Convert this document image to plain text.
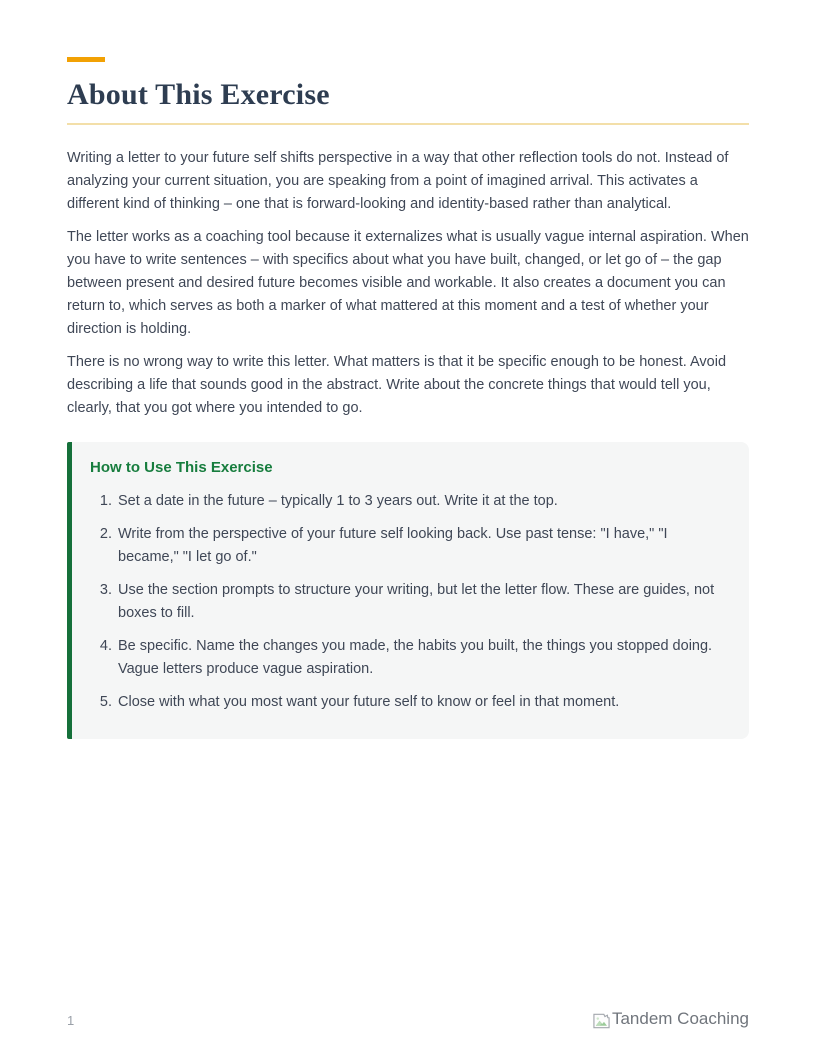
About This Exercise

Writing a letter to your future self shifts perspective in a way that other reflection tools do not. Instead of analyzing your current situation, you are speaking from a point of imagined arrival. This activates a different kind of thinking – one that is forward-looking and identity-based rather than analytical.

The letter works as a coaching tool because it externalizes what is usually vague internal aspiration. When you have to write sentences – with specifics about what you have built, changed, or let go of – the gap between present and desired future becomes visible and workable. It also creates a document you can return to, which serves as both a marker of what mattered at this moment and a test of whether your direction is holding.

There is no wrong way to write this letter. What matters is that it be specific enough to be honest. Avoid describing a life that sounds good in the abstract. Write about the concrete things that would tell you, clearly, that you got where you intended to go.

How to Use This Exercise
1. Set a date in the future – typically 1 to 3 years out. Write it at the top.
2. Write from the perspective of your future self looking back. Use past tense: "I have," "I became," "I let go of."
3. Use the section prompts to structure your writing, but let the letter flow. These are guides, not boxes to fill.
4. Be specific. Name the changes you made, the habits you built, the things you stopped doing. Vague letters produce vague aspiration.
5. Close with what you most want your future self to know or feel in that moment.
1	Tandem Coaching
